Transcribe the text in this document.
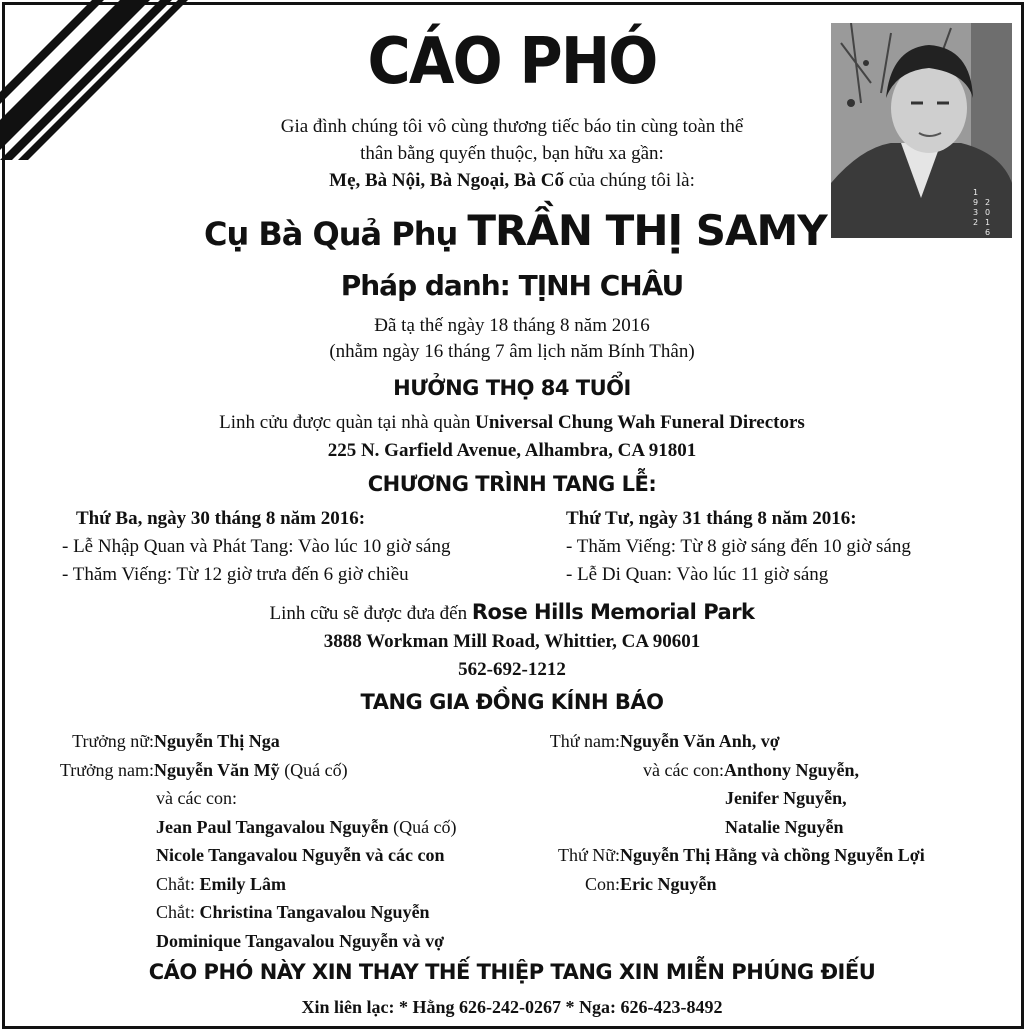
CÁO PHÓ
1932
2016
Gia đình chúng tôi vô cùng thương tiếc báo tin cùng toàn thể
thân bằng quyến thuộc, bạn hữu xa gần:
Mẹ, Bà Nội, Bà Ngoại, Bà Cố của chúng tôi là:
Cụ Bà Quả Phụ TRẦN THỊ SAMY
Pháp danh: TỊNH CHÂU
Đã tạ thế ngày 18 tháng 8 năm 2016
(nhằm ngày 16 tháng 7 âm lịch năm Bính Thân)
HƯỞNG THỌ 84 TUỔI
Linh cửu được quàn tại nhà quàn Universal Chung Wah Funeral Directors
225 N. Garfield Avenue, Alhambra, CA 91801
CHƯƠNG TRÌNH TANG LỄ:
Thứ Ba, ngày 30 tháng 8 năm 2016:
- Lễ Nhập Quan và Phát Tang: Vào lúc 10 giờ sáng
- Thăm Viếng: Từ 12 giờ trưa đến 6 giờ chiều
Thứ Tư, ngày 31 tháng 8 năm 2016:
- Thăm Viếng: Từ 8 giờ sáng đến 10 giờ sáng
- Lễ Di Quan: Vào lúc 11 giờ sáng
Linh cữu sẽ được đưa đến Rose Hills Memorial Park
3888 Workman Mill Road, Whittier, CA 90601
562-692-1212
TANG GIA ĐỒNG KÍNH BÁO
Trưởng nữ:Nguyễn Thị Nga
Trưởng nam:Nguyễn Văn Mỹ (Quá cố)
và các con:
Jean Paul Tangavalou Nguyễn (Quá cố)
Nicole Tangavalou Nguyễn và các con
Chắt: Emily Lâm
Chắt: Christina Tangavalou Nguyễn
Dominique Tangavalou Nguyễn và vợ
Thứ nam:Nguyễn Văn Anh, vợ
và các con:Anthony Nguyễn,
Jenifer Nguyễn,
Natalie Nguyễn
Thứ Nữ:Nguyễn Thị Hằng và chồng Nguyễn Lợi
Con:Eric Nguyễn
CÁO PHÓ NÀY XIN THAY THẾ THIỆP TANG XIN MIỄN PHÚNG ĐIẾU
Xin liên lạc: * Hằng 626-242-0267 * Nga: 626-423-8492
